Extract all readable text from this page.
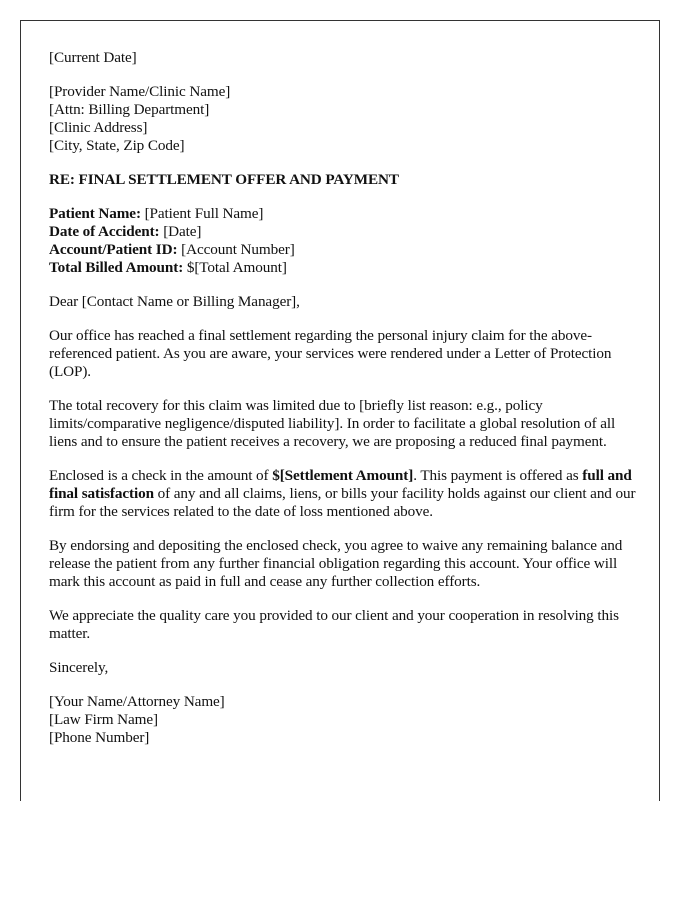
[Current Date]
[Provider Name/Clinic Name]
[Attn: Billing Department]
[Clinic Address]
[City, State, Zip Code]
RE: FINAL SETTLEMENT OFFER AND PAYMENT
Patient Name: [Patient Full Name]
Date of Accident: [Date]
Account/Patient ID: [Account Number]
Total Billed Amount: $[Total Amount]
Dear [Contact Name or Billing Manager],

Our office has reached a final settlement regarding the personal injury claim for the above-referenced patient. As you are aware, your services were rendered under a Letter of Protection (LOP).

The total recovery for this claim was limited due to [briefly list reason: e.g., policy limits/comparative negligence/disputed liability]. In order to facilitate a global resolution of all liens and to ensure the patient receives a recovery, we are proposing a reduced final payment.

Enclosed is a check in the amount of $[Settlement Amount]. This payment is offered as full and final satisfaction of any and all claims, liens, or bills your facility holds against our client and our firm for the services related to the date of loss mentioned above.

By endorsing and depositing the enclosed check, you agree to waive any remaining balance and release the patient from any further financial obligation regarding this account. Your office will mark this account as paid in full and cease any further collection efforts.

We appreciate the quality care you provided to our client and your cooperation in resolving this matter.

Sincerely,
[Your Name/Attorney Name]
[Law Firm Name]
[Phone Number]
